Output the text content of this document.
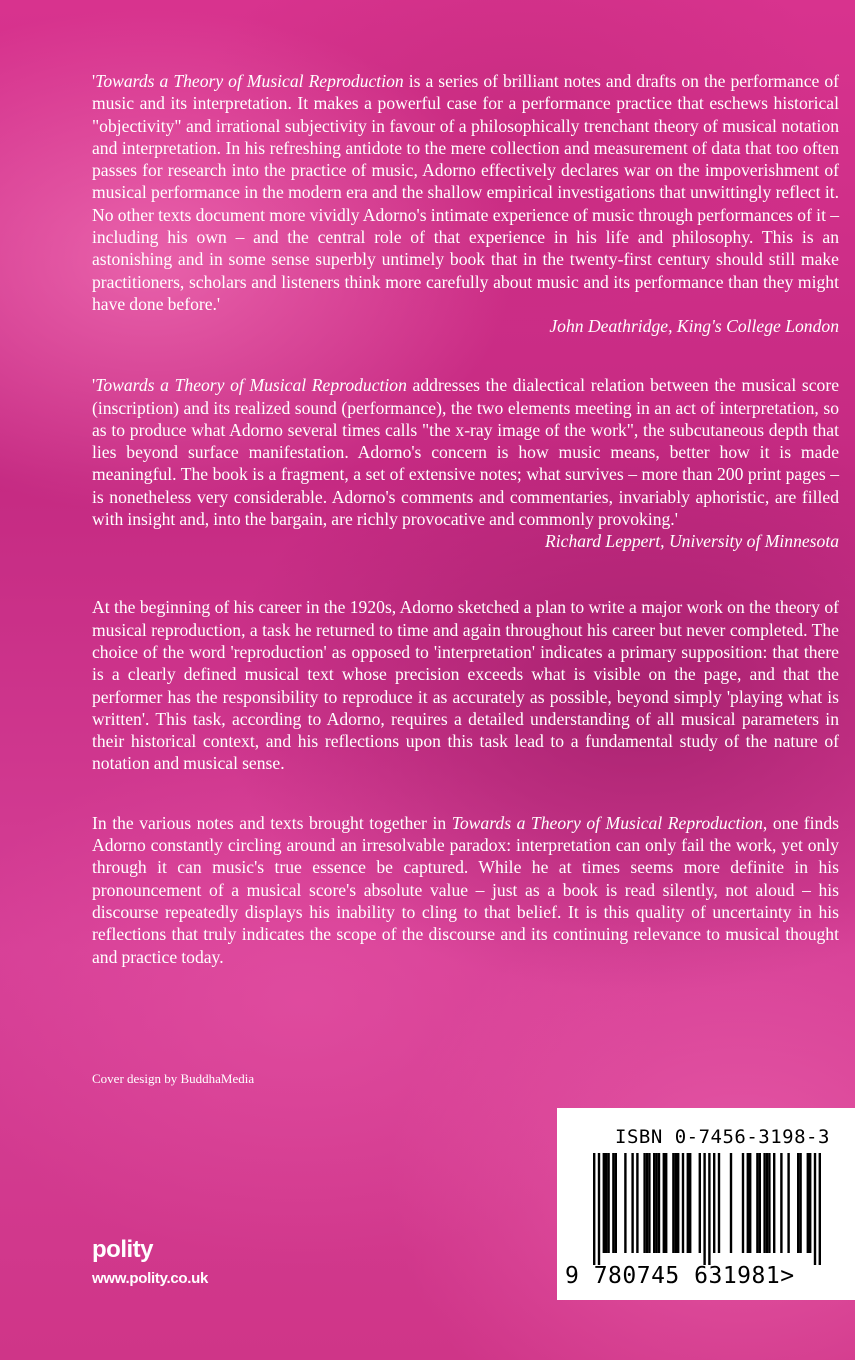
'Towards a Theory of Musical Reproduction is a series of brilliant notes and drafts on the performance of music and its interpretation. It makes a powerful case for a performance practice that eschews historical "objectivity" and irrational subjectivity in favour of a philosophically trenchant theory of musical notation and interpretation. In his refreshing antidote to the mere collection and measurement of data that too often passes for research into the practice of music, Adorno effectively declares war on the impoverishment of musical performance in the modern era and the shallow empirical investigations that unwittingly reflect it. No other texts document more vividly Adorno's intimate experience of music through performances of it – including his own – and the central role of that experience in his life and philosophy. This is an astonishing and in some sense superbly untimely book that in the twenty-first century should still make practitioners, scholars and listeners think more carefully about music and its performance than they might have done before.'

John Deathridge, King's College London

'Towards a Theory of Musical Reproduction addresses the dialectical relation between the musical score (inscription) and its realized sound (performance), the two elements meeting in an act of interpretation, so as to produce what Adorno several times calls "the x-ray image of the work", the subcutaneous depth that lies beyond surface manifestation. Adorno's concern is how music means, better how it is made meaningful. The book is a fragment, a set of extensive notes; what survives – more than 200 print pages – is nonetheless very considerable. Adorno's comments and commentaries, invariably aphoristic, are filled with insight and, into the bargain, are richly provocative and commonly provoking.'

Richard Leppert, University of Minnesota

At the beginning of his career in the 1920s, Adorno sketched a plan to write a major work on the theory of musical reproduction, a task he returned to time and again throughout his career but never completed. The choice of the word 'reproduction' as opposed to 'interpretation' indicates a primary supposition: that there is a clearly defined musical text whose precision exceeds what is visible on the page, and that the performer has the responsibility to reproduce it as accurately as possible, beyond simply 'playing what is written'. This task, according to Adorno, requires a detailed understanding of all musical parameters in their historical context, and his reflections upon this task lead to a fundamental study of the nature of notation and musical sense.

In the various notes and texts brought together in Towards a Theory of Musical Reproduction, one finds Adorno constantly circling around an irresolvable paradox: interpretation can only fail the work, yet only through it can music's true essence be captured. While he at times seems more definite in his pronouncement of a musical score's absolute value – just as a book is read silently, not aloud – his discourse repeatedly displays his inability to cling to that belief. It is this quality of uncertainty in his reflections that truly indicates the scope of the discourse and its continuing relevance to musical thought and practice today.

Cover design by BuddhaMedia
polity
www.polity.co.uk
ISBN 0-7456-3198-3
9 780745 631981>
